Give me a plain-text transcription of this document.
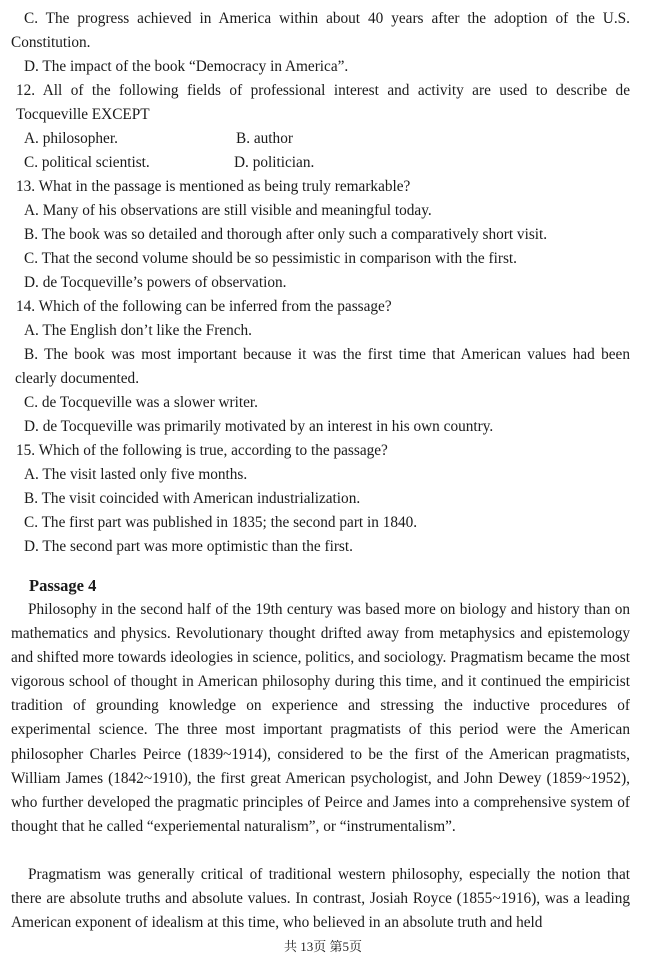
C. The progress achieved in America within about 40 years after the adoption of the U.S. Constitution.
D. The impact of the book “Democracy in America”.
12. All of the following fields of professional interest and activity are used to describe de Tocqueville EXCEPT
A. philosopher.	B. author
C. political scientist.	D. politician.
13. What in the passage is mentioned as being truly remarkable?
A. Many of his observations are still visible and meaningful today.
B. The book was so detailed and thorough after only such a comparatively short visit.
C. That the second volume should be so pessimistic in comparison with the first.
D. de Tocqueville’s powers of observation.
14. Which of the following can be inferred from the passage?
A. The English don’t like the French.
B. The book was most important because it was the first time that American values had been clearly documented.
C. de Tocqueville was a slower writer.
D. de Tocqueville was primarily motivated by an interest in his own country.
15. Which of the following is true, according to the passage?
A. The visit lasted only five months.
B. The visit coincided with American industrialization.
C. The first part was published in 1835; the second part in 1840.
D. The second part was more optimistic than the first.
Passage 4
Philosophy in the second half of the 19th century was based more on biology and history than on mathematics and physics. Revolutionary thought drifted away from metaphysics and epistemology and shifted more towards ideologies in science, politics, and sociology. Pragmatism became the most vigorous school of thought in American philosophy during this time, and it continued the empiricist tradition of grounding knowledge on experience and stressing the inductive procedures of experimental science. The three most important pragmatists of this period were the American philosopher Charles Peirce (1839~1914), considered to be the first of the American pragmatists, William James (1842~1910), the first great American psychologist, and John Dewey (1859~1952), who further developed the pragmatic principles of Peirce and James into a comprehensive system of thought that he called “experiemental naturalism”, or “instrumentalism”.
Pragmatism was generally critical of traditional western philosophy, especially the notion that there are absolute truths and absolute values. In contrast, Josiah Royce (1855~1916), was a leading American exponent of idealism at this time, who believed in an absolute truth and held
共 13页 第5页
